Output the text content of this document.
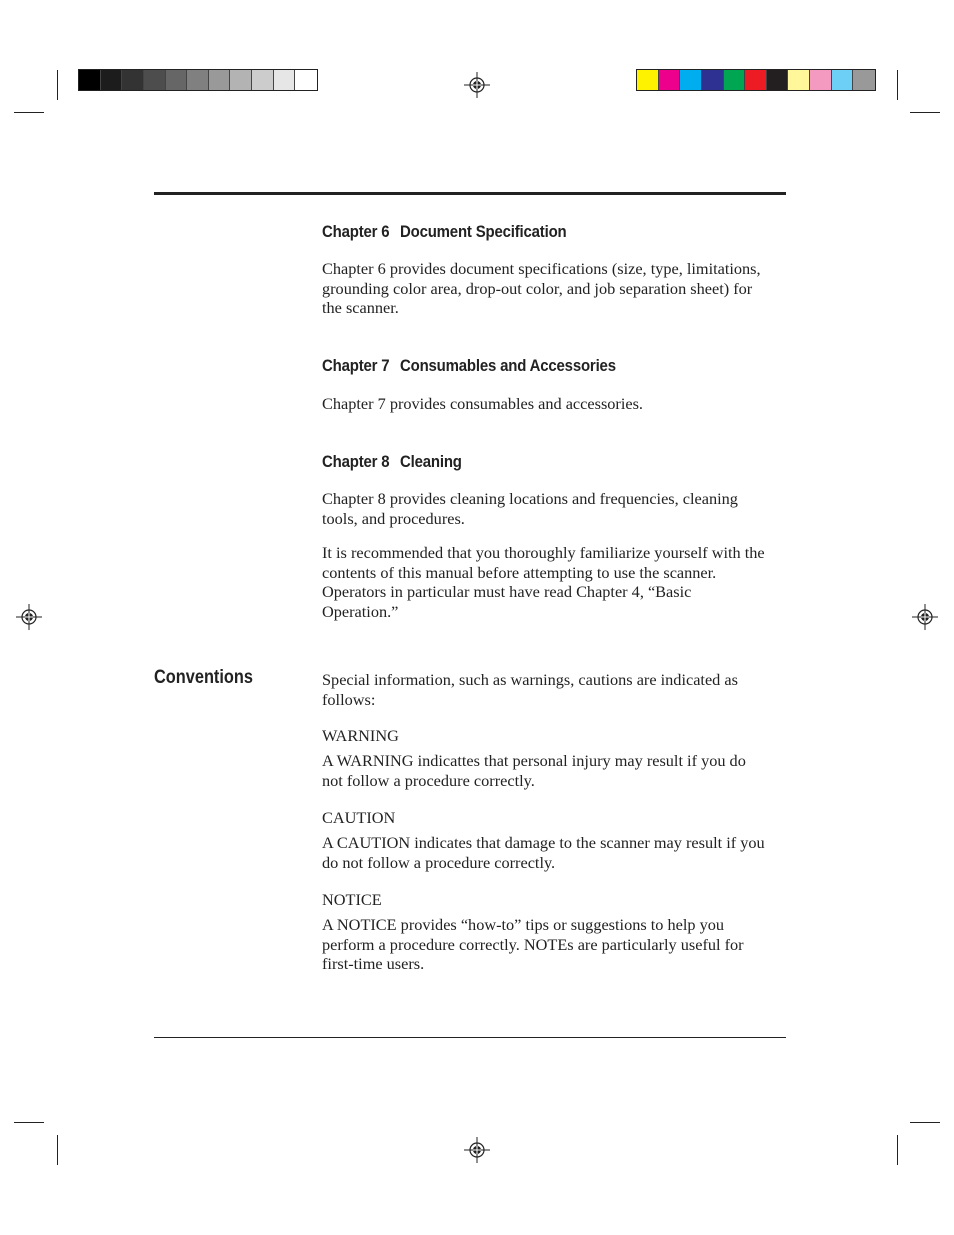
Chapter 6 Document Specification

Chapter 6 provides document specifications (size, type, limitations,
grounding color area, drop-out color, and job separation sheet) for
the scanner.

Chapter 7 Consumables and Accessories

Chapter 7 provides consumables and accessories.

Chapter 8 Cleaning

Chapter 8 provides cleaning locations and frequencies, cleaning
tools, and procedures.

It is recommended that you thoroughly familiarize yourself with the
contents of this manual before attempting to use the scanner.
Operators in particular must have read Chapter 4, “Basic
Operation.”

Conventions	Special information, such as warnings, cautions are indicated as
follows:

WARNING

A WARNING indicattes that personal injury may result if you do
not follow a procedure correctly.

CAUTION

A CAUTION indicates that damage to the scanner may result if you
do not follow a procedure correctly.

NOTICE

A NOTICE provides “how-to” tips or suggestions to help you
perform a procedure correctly. NOTEs are particularly useful for
first-time users.
